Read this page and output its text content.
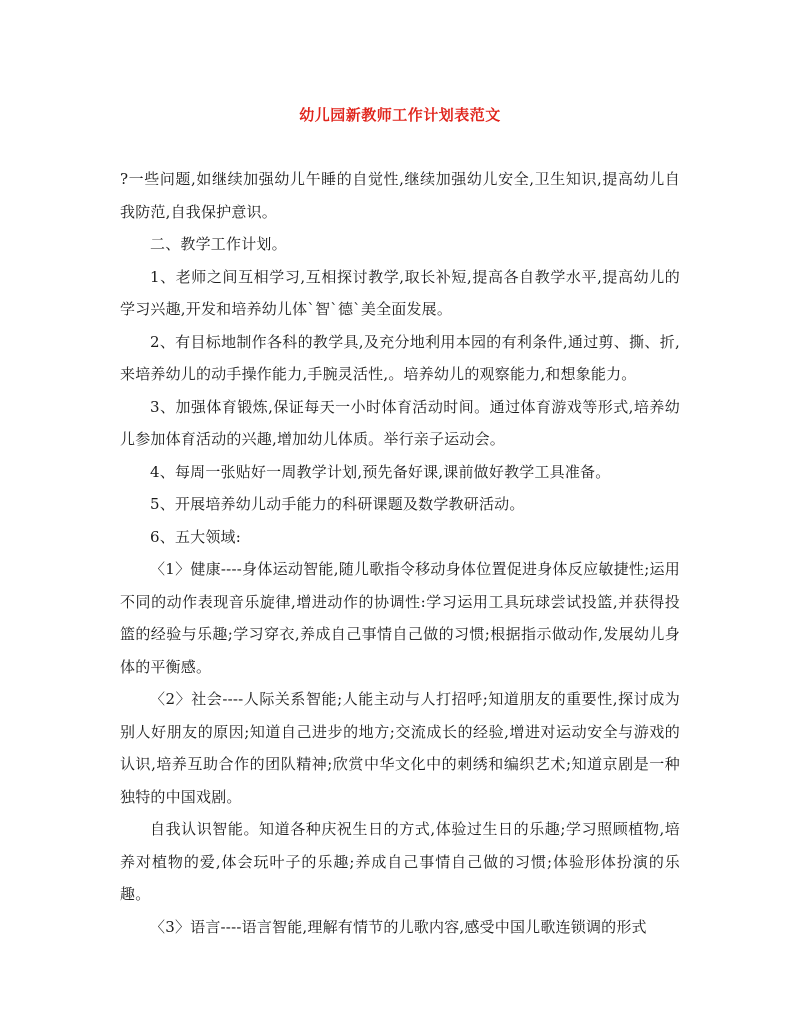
幼儿园新教师工作计划表范文

?一些问题,如继续加强幼儿午睡的自觉性,继续加强幼儿安全,卫生知识,提高幼儿自我防范,自我保护意识。

二、教学工作计划。

1、老师之间互相学习,互相探讨教学,取长补短,提高各自教学水平,提高幼儿的学习兴趣,开发和培养幼儿体`智`德`美全面发展。

2、有目标地制作各科的教学具,及充分地利用本园的有利条件,通过剪、撕、折,来培养幼儿的动手操作能力,手腕灵活性,。培养幼儿的观察能力,和想象能力。

3、加强体育锻炼,保证每天一小时体育活动时间。通过体育游戏等形式,培养幼儿参加体育活动的兴趣,增加幼儿体质。举行亲子运动会。

4、每周一张贴好一周教学计划,预先备好课,课前做好教学工具准备。

5、开展培养幼儿动手能力的科研课题及数学教研活动。

6、五大领域:

〈1〉健康----身体运动智能,随儿歌指令移动身体位置促进身体反应敏捷性;运用不同的动作表现音乐旋律,增进动作的协调性:学习运用工具玩球尝试投篮,并获得投篮的经验与乐趣;学习穿衣,养成自己事情自己做的习惯;根据指示做动作,发展幼儿身体的平衡感。

〈2〉社会----人际关系智能;人能主动与人打招呼;知道朋友的重要性,探讨成为别人好朋友的原因;知道自己进步的地方;交流成长的经验,增进对运动安全与游戏的认识,培养互助合作的团队精神;欣赏中华文化中的刺绣和编织艺术;知道京剧是一种独特的中国戏剧。

自我认识智能。知道各种庆祝生日的方式,体验过生日的乐趣;学习照顾植物,培养对植物的爱,体会玩叶子的乐趣;养成自己事情自己做的习惯;体验形体扮演的乐趣。

〈3〉语言----语言智能,理解有情节的儿歌内容,感受中国儿歌连锁调的形式
